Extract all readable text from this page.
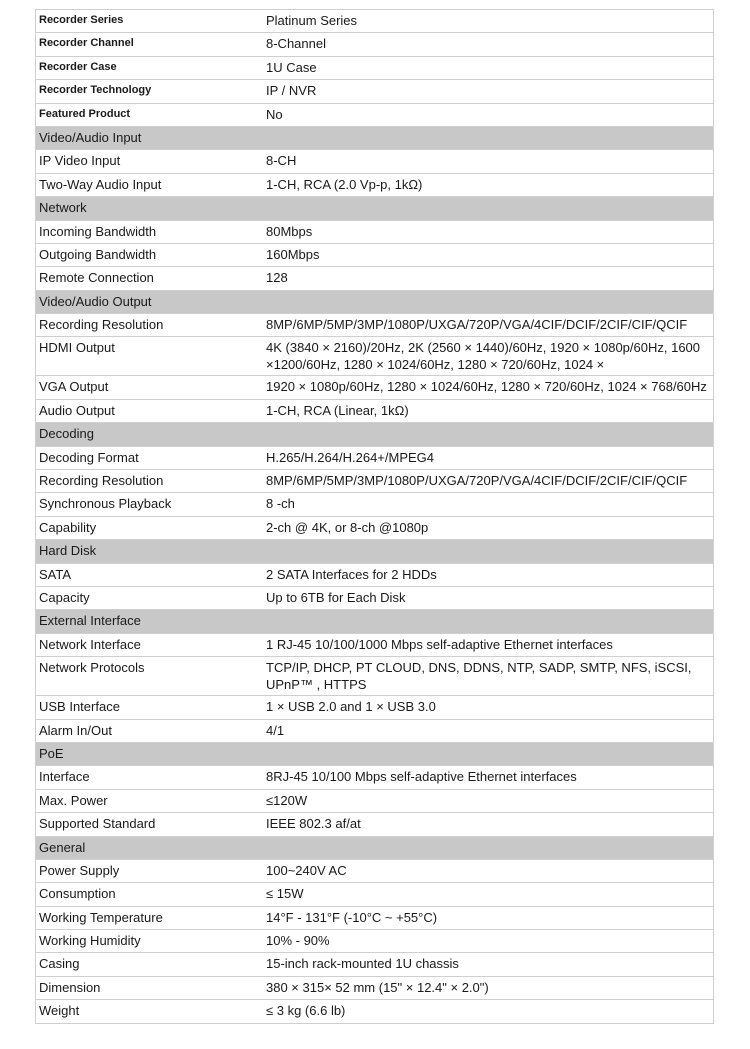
Recorder Series	Platinum Series
Recorder Channel	8-Channel
Recorder Case	1U Case
Recorder Technology	IP / NVR
Featured Product	No
Video/Audio Input
IP Video Input	8-CH
Two-Way Audio Input	1-CH, RCA (2.0 Vp-p, 1kΩ)
Network
Incoming Bandwidth	80Mbps
Outgoing Bandwidth	160Mbps
Remote Connection	128
Video/Audio Output
Recording Resolution	8MP/6MP/5MP/3MP/1080P/UXGA/720P/VGA/4CIF/DCIF/2CIF/CIF/QCIF
HDMI Output	4K (3840 × 2160)/20Hz, 2K (2560 × 1440)/60Hz, 1920 × 1080p/60Hz, 1600 ×1200/60Hz, 1280 × 1024/60Hz, 1280 × 720/60Hz, 1024 ×
VGA Output	1920 × 1080p/60Hz, 1280 × 1024/60Hz, 1280 × 720/60Hz, 1024 × 768/60Hz
Audio Output	1-CH, RCA (Linear, 1kΩ)
Decoding
Decoding Format	H.265/H.264/H.264+/MPEG4
Recording Resolution	8MP/6MP/5MP/3MP/1080P/UXGA/720P/VGA/4CIF/DCIF/2CIF/CIF/QCIF
Synchronous Playback	8 -ch
Capability	2-ch @ 4K, or 8-ch @1080p
Hard Disk
SATA	2 SATA Interfaces for 2 HDDs
Capacity	Up to 6TB for Each Disk
External Interface
Network Interface	1 RJ-45 10/100/1000 Mbps self-adaptive Ethernet interfaces
Network Protocols	TCP/IP, DHCP, PT CLOUD, DNS, DDNS, NTP, SADP, SMTP, NFS, iSCSI, UPnP™ , HTTPS
USB Interface	1 × USB 2.0 and 1 × USB 3.0
Alarm In/Out	4/1
PoE
Interface	8RJ-45 10/100 Mbps self-adaptive Ethernet interfaces
Max. Power	≤120W
Supported Standard	IEEE 802.3 af/at
General
Power Supply	100~240V AC
Consumption	≤ 15W
Working Temperature	14°F - 131°F (-10°C ~ +55°C)
Working Humidity	10% - 90%
Casing	15-inch rack-mounted 1U chassis
Dimension	380 × 315× 52 mm (15" × 12.4" × 2.0")
Weight	≤ 3 kg (6.6 lb)
